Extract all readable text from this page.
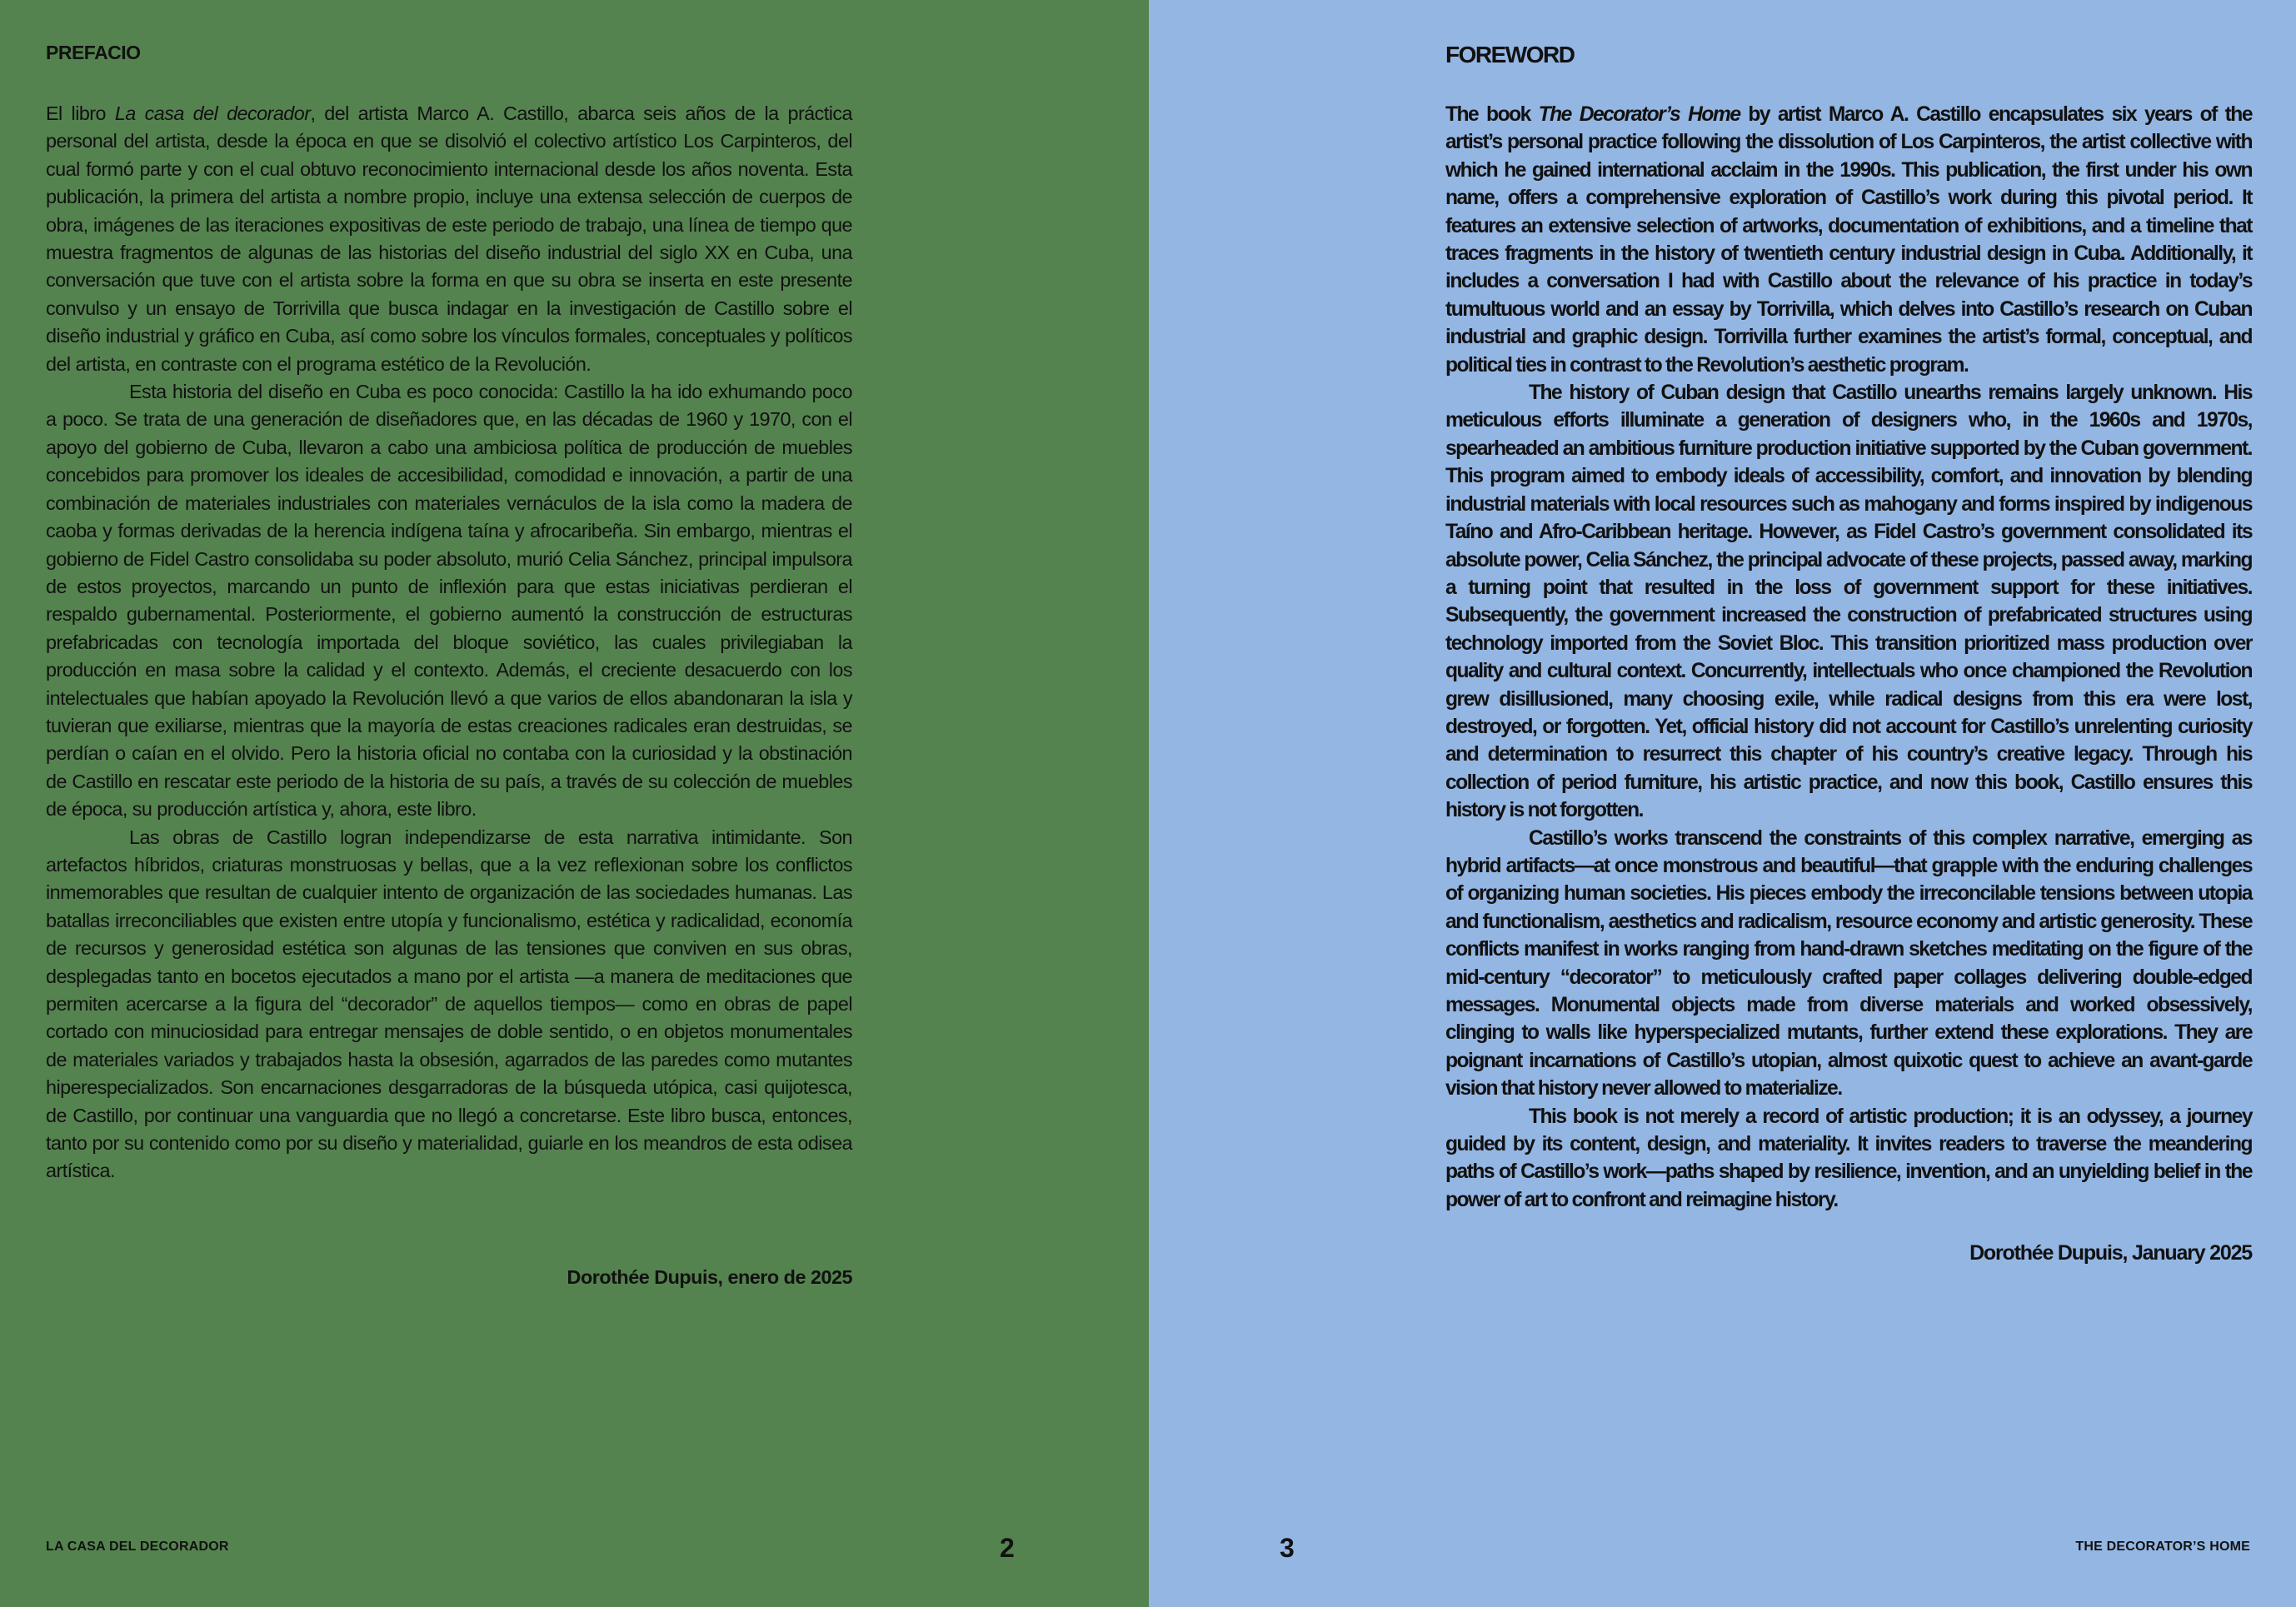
PREFACIO

El libro La casa del decorador, del artista Marco A. Castillo, abarca seis años de la práctica personal del artista, desde la época en que se disolvió el colectivo artístico Los Carpinteros, del cual formó parte y con el cual obtuvo reconocimiento internacional desde los años noventa. Esta publicación, la primera del artista a nombre propio, incluye una extensa selección de cuerpos de obra, imágenes de las iteraciones expositivas de este periodo de trabajo, una línea de tiempo que muestra fragmentos de algunas de las historias del diseño industrial del siglo XX en Cuba, una conversación que tuve con el artista sobre la forma en que su obra se inserta en este presente convulso y un ensayo de Torrivilla que busca indagar en la investigación de Castillo sobre el diseño industrial y gráfico en Cuba, así como sobre los vínculos formales, conceptuales y políticos del artista, en contraste con el programa estético de la Revolución.

Esta historia del diseño en Cuba es poco conocida: Castillo la ha ido exhumando poco a poco. Se trata de una generación de diseñadores que, en las décadas de 1960 y 1970, con el apoyo del gobierno de Cuba, llevaron a cabo una ambiciosa política de producción de muebles concebidos para promover los ideales de accesibilidad, comodidad e innovación, a partir de una combinación de materiales industriales con materiales vernáculos de la isla como la madera de caoba y formas derivadas de la herencia indígena taína y afrocaribeña. Sin embargo, mientras el gobierno de Fidel Castro consolidaba su poder absoluto, murió Celia Sánchez, principal impulsora de estos proyectos, marcando un punto de inflexión para que estas iniciativas perdieran el respaldo gubernamental. Posteriormente, el gobierno aumentó la construcción de estructuras prefabricadas con tecnología importada del bloque soviético, las cuales privilegiaban la producción en masa sobre la calidad y el contexto. Además, el creciente desacuerdo con los intelectuales que habían apoyado la Revolución llevó a que varios de ellos abandonaran la isla y tuvieran que exiliarse, mientras que la mayoría de estas creaciones radicales eran destruidas, se perdían o caían en el olvido. Pero la historia oficial no contaba con la curiosidad y la obstinación de Castillo en rescatar este periodo de la historia de su país, a través de su colección de muebles de época, su producción artística y, ahora, este libro.

Las obras de Castillo logran independizarse de esta narrativa intimidante. Son artefactos híbridos, criaturas monstruosas y bellas, que a la vez reflexionan sobre los conflictos inmemorables que resultan de cualquier intento de organización de las sociedades humanas. Las batallas irreconciliables que existen entre utopía y funcionalismo, estética y radicalidad, economía de recursos y generosidad estética son algunas de las tensiones que conviven en sus obras, desplegadas tanto en bocetos ejecutados a mano por el artista —a manera de meditaciones que permiten acercarse a la figura del “decorador” de aquellos tiempos— como en obras de papel cortado con minuciosidad para entregar mensajes de doble sentido, o en objetos monumentales de materiales variados y trabajados hasta la obsesión, agarrados de las paredes como mutantes hiperespecializados. Son encarnaciones desgarradoras de la búsqueda utópica, casi quijotesca, de Castillo, por continuar una vanguardia que no llegó a concretarse. Este libro busca, entonces, tanto por su contenido como por su diseño y materialidad, guiarle en los meandros de esta odisea artística.

Dorothée Dupuis, enero de 2025

LA CASA DEL DECORADOR	2

FOREWORD

The book The Decorator’s Home by artist Marco A. Castillo encapsulates six years of the artist’s personal practice following the dissolution of Los Carpinteros, the artist collective with which he gained international acclaim in the 1990s. This publication, the first under his own name, offers a comprehensive exploration of Castillo’s work during this pivotal period. It features an extensive selection of artworks, documentation of exhibitions, and a timeline that traces fragments in the history of twentieth century industrial design in Cuba. Additionally, it includes a conversation I had with Castillo about the relevance of his practice in today’s tumultuous world and an essay by Torrivilla, which delves into Castillo’s research on Cuban industrial and graphic design. Torrivilla further examines the artist’s formal, conceptual, and political ties in contrast to the Revolution’s aesthetic program.

The history of Cuban design that Castillo unearths remains largely unknown. His meticulous efforts illuminate a generation of designers who, in the 1960s and 1970s, spearheaded an ambitious furniture production initiative supported by the Cuban government. This program aimed to embody ideals of accessibility, comfort, and innovation by blending industrial materials with local resources such as mahogany and forms inspired by indigenous Taíno and Afro-Caribbean heritage. However, as Fidel Castro’s government consolidated its absolute power, Celia Sánchez, the principal advocate of these projects, passed away, marking a turning point that resulted in the loss of government support for these initiatives. Subsequently, the government increased the construction of prefabricated structures using technology imported from the Soviet Bloc. This transition prioritized mass production over quality and cultural context. Concurrently, intellectuals who once championed the Revolution grew disillusioned, many choosing exile, while radical designs from this era were lost, destroyed, or forgotten. Yet, official history did not account for Castillo’s unrelenting curiosity and determination to resurrect this chapter of his country’s creative legacy. Through his collection of period furniture, his artistic practice, and now this book, Castillo ensures this history is not forgotten.

Castillo’s works transcend the constraints of this complex narrative, emerging as hybrid artifacts—at once monstrous and beautiful—that grapple with the enduring challenges of organizing human societies. His pieces embody the irreconcilable tensions between utopia and functionalism, aesthetics and radicalism, resource economy and artistic generosity. These conflicts manifest in works ranging from hand-drawn sketches meditating on the figure of the mid-century “decorator” to meticulously crafted paper collages delivering double-edged messages. Monumental objects made from diverse materials and worked obsessively, clinging to walls like hyperspecialized mutants, further extend these explorations. They are poignant incarnations of Castillo’s utopian, almost quixotic quest to achieve an avant-garde vision that history never allowed to materialize.

This book is not merely a record of artistic production; it is an odyssey, a journey guided by its content, design, and materiality. It invites readers to traverse the meandering paths of Castillo’s work—paths shaped by resilience, invention, and an unyielding belief in the power of art to confront and reimagine history.

Dorothée Dupuis, January 2025

3	THE DECORATOR’S HOME
